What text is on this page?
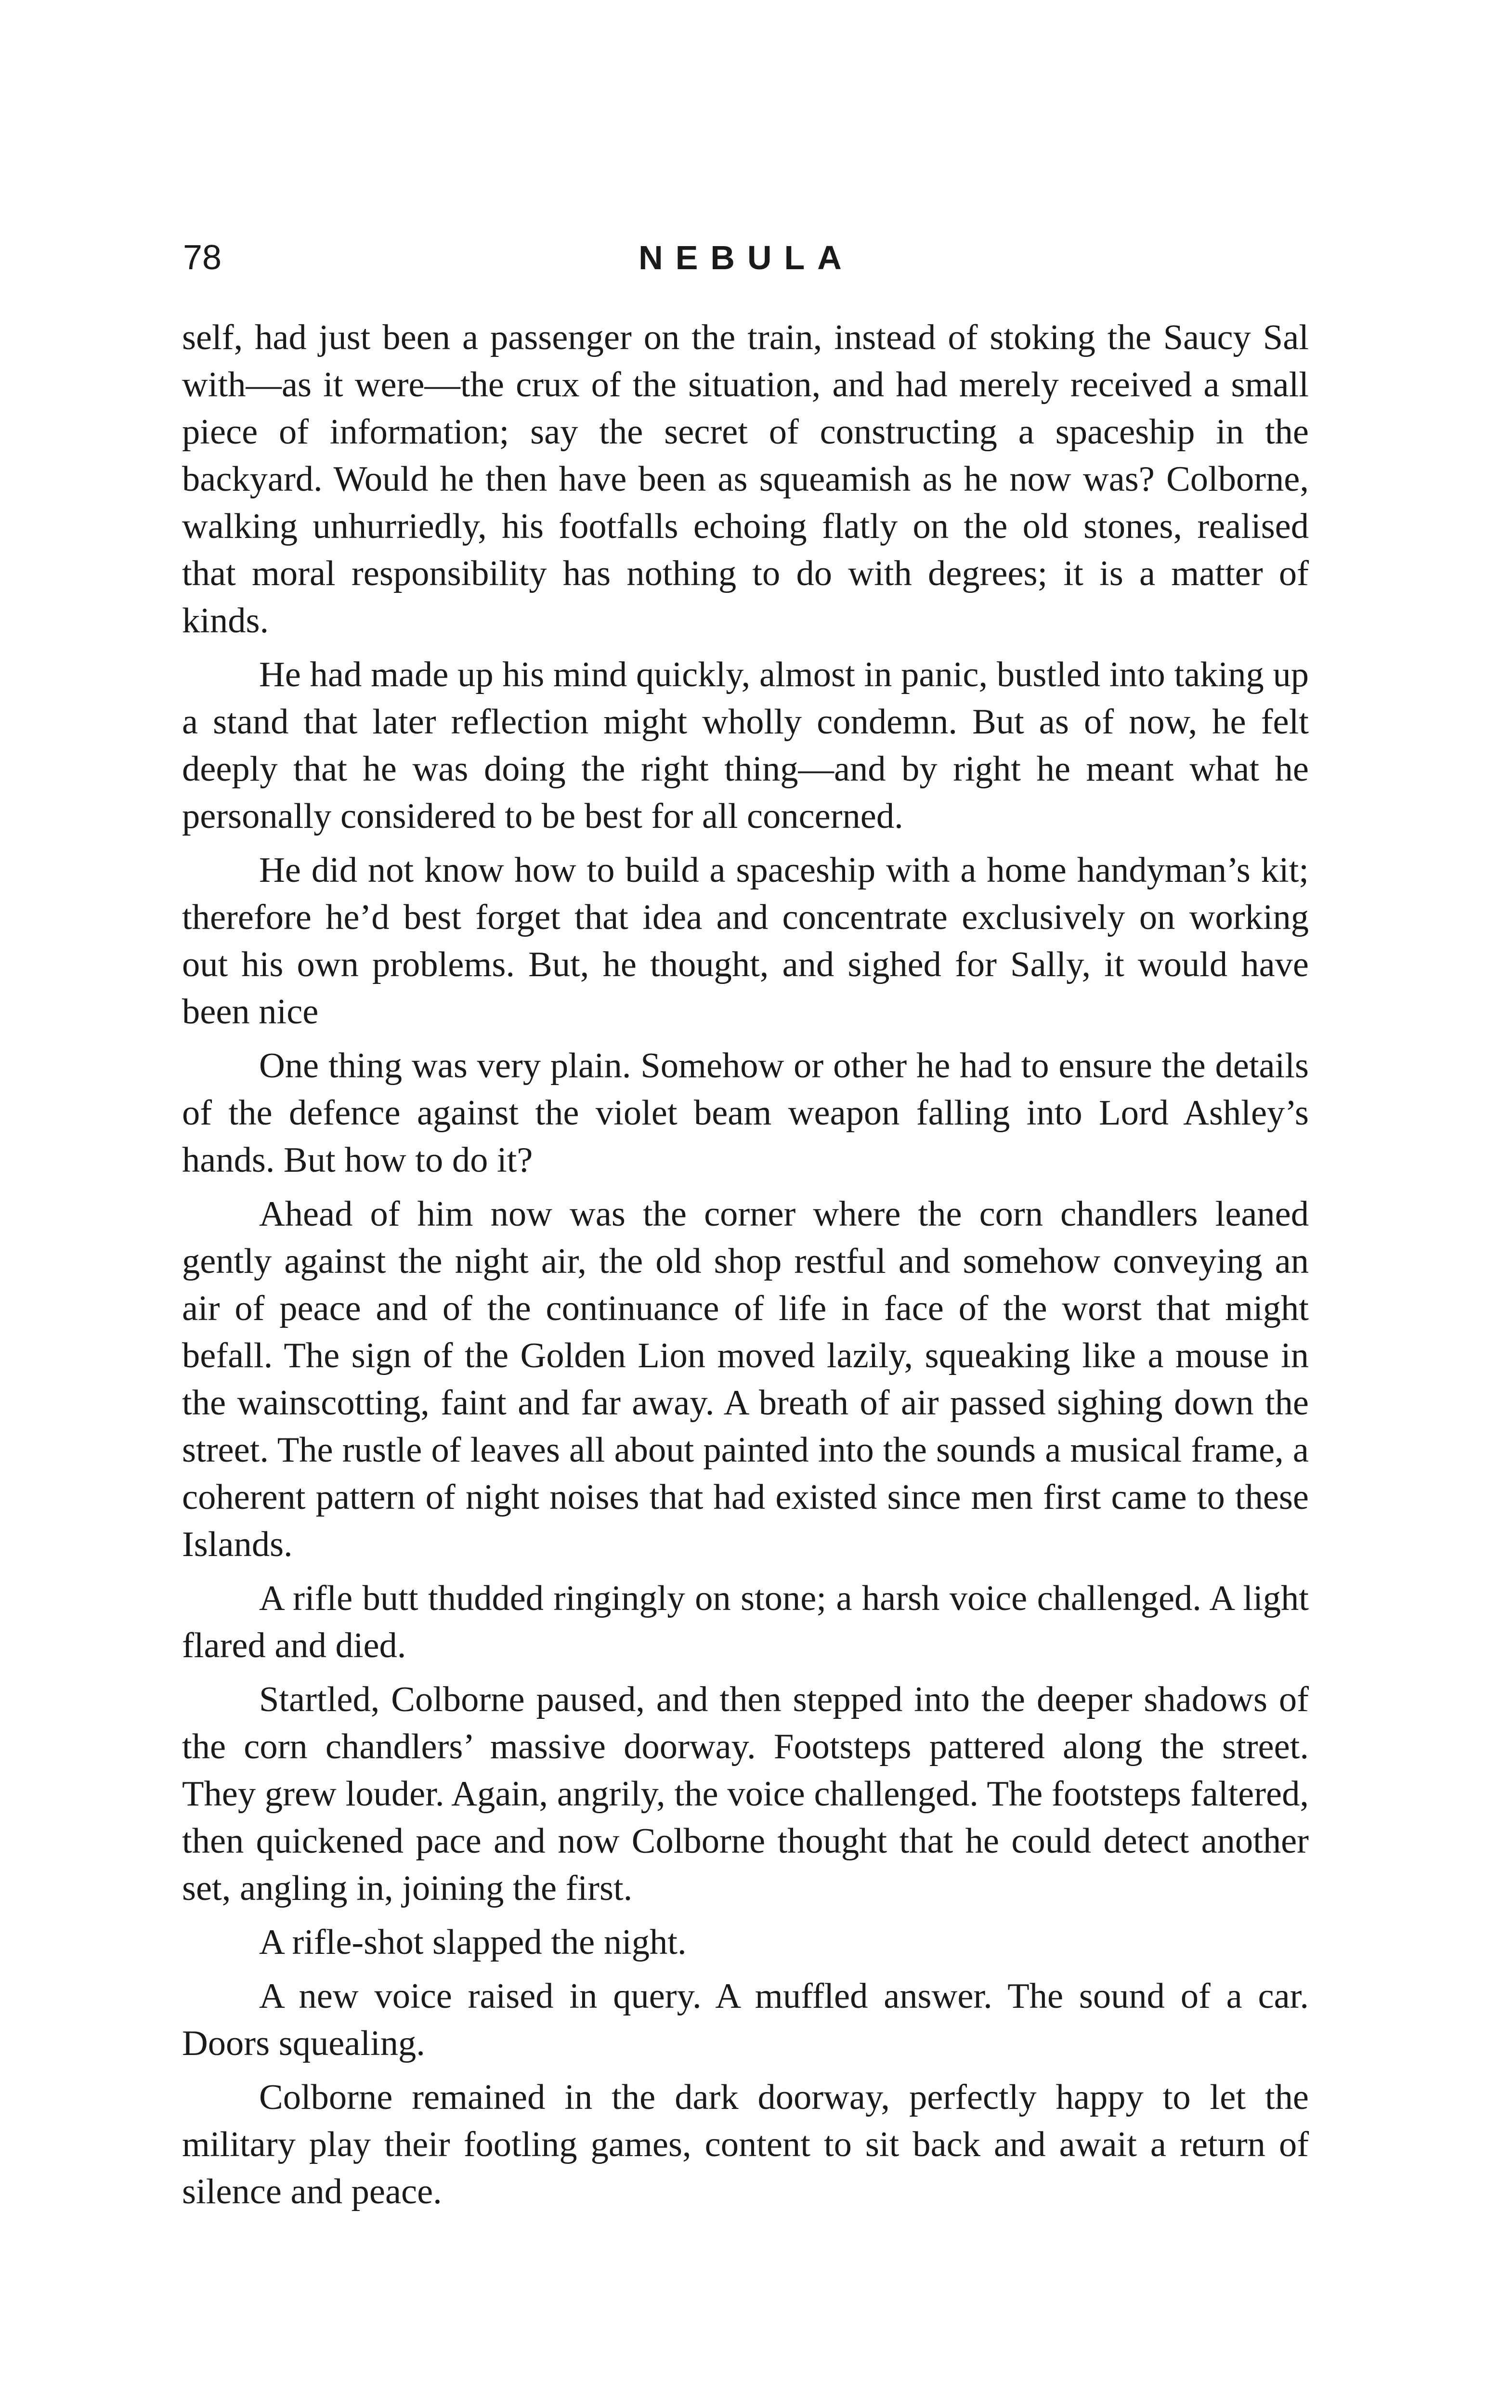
78	NEBULA

self, had just been a passenger on the train, instead of stoking the Saucy Sal with—as it were—the crux of the situation, and had merely received a small piece of information; say the secret of constructing a spaceship in the backyard. Would he then have been as squeamish as he now was? Colborne, walking unhurriedly, his footfalls echoing flatly on the old stones, realised that moral responsibility has nothing to do with degrees; it is a matter of kinds.

He had made up his mind quickly, almost in panic, bustled into taking up a stand that later reflection might wholly condemn. But as of now, he felt deeply that he was doing the right thing—and by right he meant what he personally considered to be best for all concerned.

He did not know how to build a spaceship with a home handyman’s kit; therefore he’d best forget that idea and concentrate exclusively on working out his own problems. But, he thought, and sighed for Sally, it would have been nice

One thing was very plain. Somehow or other he had to ensure the details of the defence against the violet beam weapon falling into Lord Ashley’s hands. But how to do it?

Ahead of him now was the corner where the corn chandlers leaned gently against the night air, the old shop restful and somehow conveying an air of peace and of the continuance of life in face of the worst that might befall. The sign of the Golden Lion moved lazily, squeaking like a mouse in the wainscotting, faint and far away. A breath of air passed sighing down the street. The rustle of leaves all about painted into the sounds a musical frame, a coherent pattern of night noises that had existed since men first came to these Islands.

A rifle butt thudded ringingly on stone; a harsh voice challenged. A light flared and died.

Startled, Colborne paused, and then stepped into the deeper shadows of the corn chandlers’ massive doorway. Footsteps pattered along the street. They grew louder. Again, angrily, the voice challenged. The footsteps faltered, then quickened pace and now Colborne thought that he could detect another set, angling in, joining the first.

A rifle-shot slapped the night.

A new voice raised in query. A muffled answer. The sound of a car. Doors squealing.

Colborne remained in the dark doorway, perfectly happy to let the military play their footling games, content to sit back and await a return of silence and peace.
